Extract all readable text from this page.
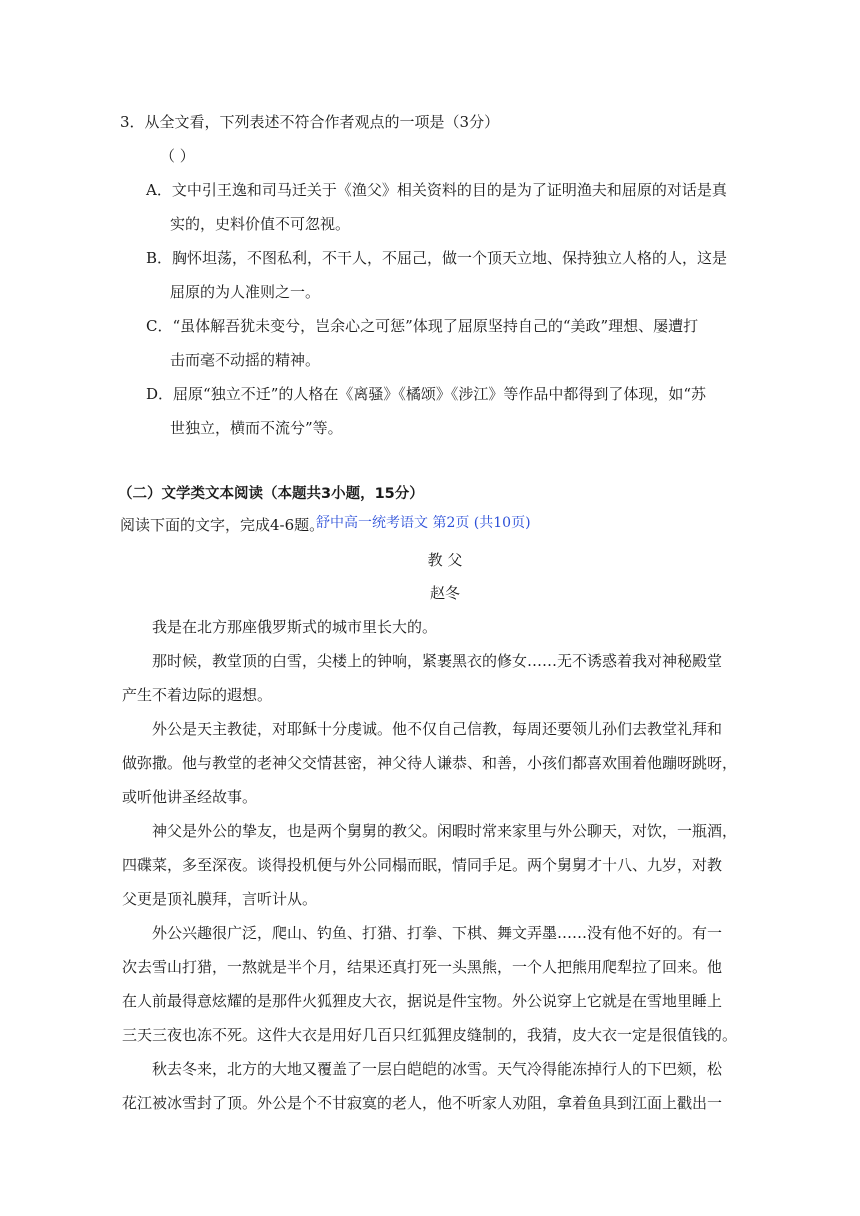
3．从全文看，下列表述不符合作者观点的一项是（3分）
（ ）
A．文中引王逸和司马迁关于《渔父》相关资料的目的是为了证明渔夫和屈原的对话是真
实的，史料价值不可忽视。
B．胸怀坦荡，不图私利，不干人，不屈己，做一个顶天立地、保持独立人格的人，这是
屈原的为人准则之一。
C．“虽体解吾犹未变兮，岂余心之可惩”体现了屈原坚持自己的“美政”理想、屡遭打
击而毫不动摇的精神。
D．屈原“独立不迁”的人格在《离骚》《橘颂》《涉江》等作品中都得到了体现，如“苏
世独立，横而不流兮”等。
（二）文学类文本阅读（本题共3小题，15分）
阅读下面的文字，完成4-6题。
舒中高一统考语文 第2页 (共10页)
教 父
赵冬
我是在北方那座俄罗斯式的城市里长大的。
那时候，教堂顶的白雪，尖楼上的钟响，紧裹黑衣的修女……无不诱惑着我对神秘殿堂
产生不着边际的遐想。
外公是天主教徒，对耶稣十分虔诚。他不仅自己信教，每周还要领儿孙们去教堂礼拜和
做弥撒。他与教堂的老神父交情甚密，神父待人谦恭、和善，小孩们都喜欢围着他蹦呀跳呀，
或听他讲圣经故事。
神父是外公的挚友，也是两个舅舅的教父。闲暇时常来家里与外公聊天，对饮，一瓶酒，
四碟菜，多至深夜。谈得投机便与外公同榻而眠，情同手足。两个舅舅才十八、九岁，对教
父更是顶礼膜拜，言听计从。
外公兴趣很广泛，爬山、钓鱼、打猎、打拳、下棋、舞文弄墨……没有他不好的。有一
次去雪山打猎，一熬就是半个月，结果还真打死一头黑熊，一个人把熊用爬犁拉了回来。他
在人前最得意炫耀的是那件火狐狸皮大衣，据说是件宝物。外公说穿上它就是在雪地里睡上
三天三夜也冻不死。这件大衣是用好几百只红狐狸皮缝制的，我猜，皮大衣一定是很值钱的。
秋去冬来，北方的大地又覆盖了一层白皑皑的冰雪。天气冷得能冻掉行人的下巴颏，松
花江被冰雪封了顶。外公是个不甘寂寞的老人，他不听家人劝阻，拿着鱼具到江面上戳出一
